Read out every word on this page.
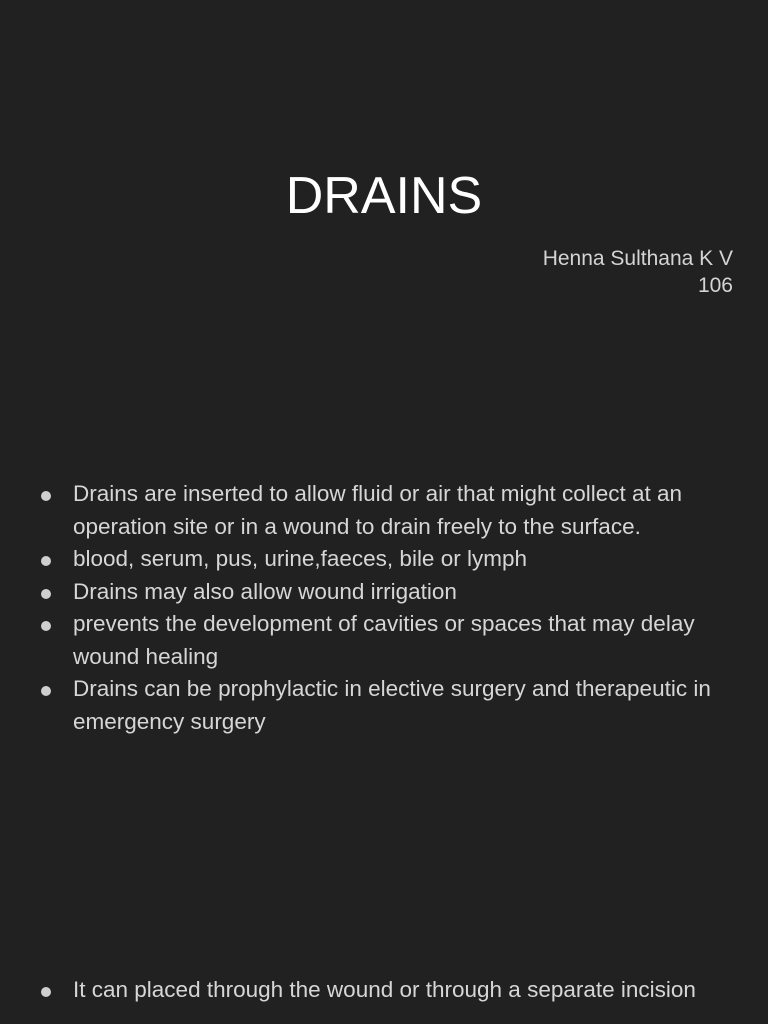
DRAINS
Henna Sulthana K V
106
Drains are inserted to allow fluid or air that might collect at an operation site or in a wound to drain freely to the surface.
blood, serum, pus, urine,faeces, bile or lymph
Drains may also allow wound irrigation
prevents the development of cavities or spaces that may delay wound healing
Drains can be prophylactic in elective surgery and therapeutic in emergency surgery
It can placed through the wound or through a separate incision
